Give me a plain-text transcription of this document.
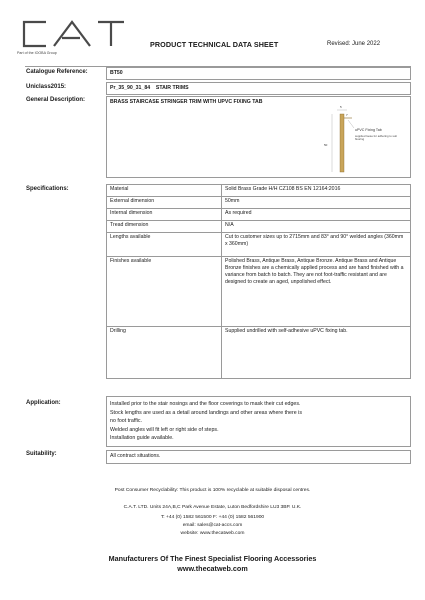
Part of the IOOBA Group
PRODUCT TECHNICAL DATA SHEET	Revised: June 2022
Catalogue Reference:	BT50
Uniclass2015:	Pr_35_90_31_84    STAIR TRIMS
General Description:	BRASS STAIRCASE STRINGER TRIM WITH UPVC FIXING TAB
5
50
7
uPVC Fixing Tab
supplied loose for adhering to suit flooring
Specifications:	Material	Solid Brass Grade H/H CZ108 BS EN 12164:2016
External dimension	50mm
Internal dimension	As required
Tread dimension	N/A
Lengths available	Cut to customer sizes up to 2715mm and 83° and 90° welded angles (360mm x 360mm)
Finishes available	Polished Brass, Antique Brass, Antique Bronze. Antique Brass and Antique Bronze finishes are a chemically applied process and are hand finished with a variance from batch to batch. They are not foot-traffic resistant and are designed to create an aged, unpolished effect.
Drilling	Supplied undrilled with self-adhesive uPVC fixing tab.
Application:	Installed prior to the stair nosings and the floor coverings to mask their cut edges.
Stock lengths are used as a detail around landings and other areas where there is
no foot traffic.
Welded angles will fit left or right side of steps.
Installation guide available.
Suitability:	All contract situations.
Post Consumer Recyclability: This product is 100% recyclable at suitable disposal centres.
C.A.T. LTD. Units 24A,B,C Park Avenue Estate, Luton Bedfordshire LU3 3BP. U.K.
T: +44 (0) 1582 561500 F: +44 (0) 1582 561900
email: sales@cat-accs.com
website: www.thecatweb.com
Manufacturers Of The Finest Specialist Flooring Accessories
www.thecatweb.com
